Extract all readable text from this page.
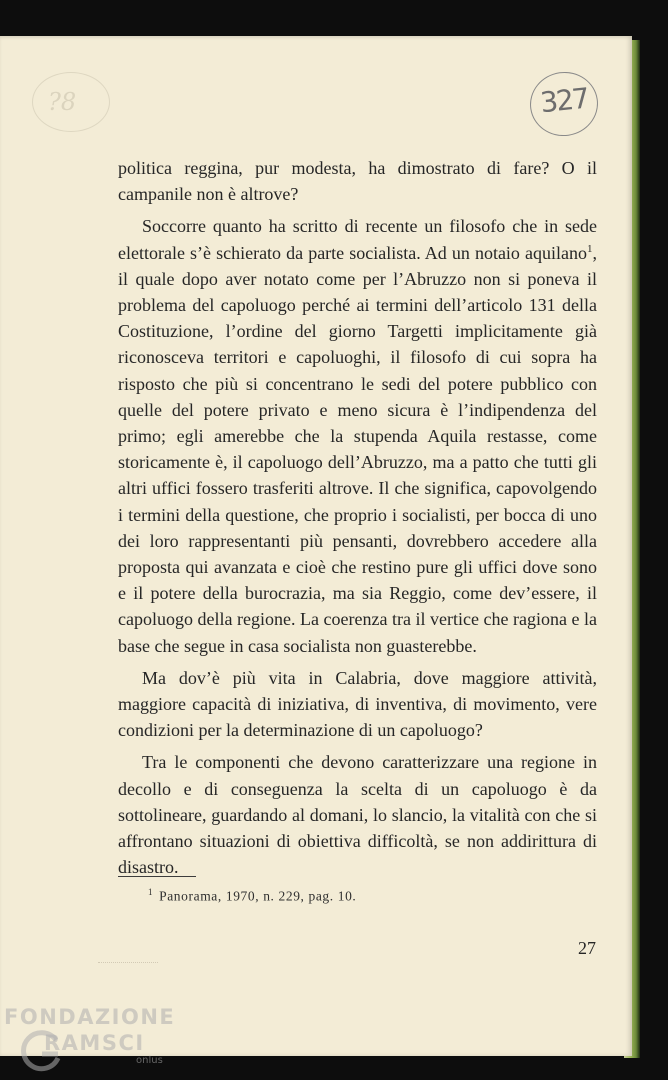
?8	327

politica reggina, pur modesta, ha dimostrato di fare? O il campanile non è altrove?

Soccorre quanto ha scritto di recente un filosofo che in sede elettorale s’è schierato da parte socialista. Ad un notaio aquilano$^1$, il quale dopo aver notato come per l’Abruzzo non si poneva il problema del capoluogo perché ai termini dell’articolo 131 della Costituzione, l’ordine del giorno Targetti implicitamente già riconosceva territori e capoluoghi, il filosofo di cui sopra ha risposto che più si concentrano le sedi del potere pubblico con quelle del potere privato e meno sicura è l’indipendenza del primo; egli amerebbe che la stupenda Aquila restasse, come storicamente è, il capoluogo dell’Abruzzo, ma a patto che tutti gli altri uffici fossero trasferiti altrove. Il che significa, capovolgendo i termini della questione, che proprio i socialisti, per bocca di uno dei loro rappresentanti più pensanti, dovrebbero accedere alla proposta qui avanzata e cioè che restino pure gli uffici dove sono e il potere della burocrazia, ma sia Reggio, come dev’essere, il capoluogo della regione. La coerenza tra il vertice che ragiona e la base che segue in casa socialista non guasterebbe.

Ma dov’è più vita in Calabria, dove maggiore attività, maggiore capacità di iniziativa, di inventiva, di movimento, vere condizioni per la determinazione di un capoluogo?

Tra le componenti che devono caratterizzare una regione in decollo e di conseguenza la scelta di un capoluogo è da sottolineare, guardando al domani, lo slancio, la vitalità con che si affrontano situazioni di obiettiva difficoltà, se non addirittura di disastro.

$^1$ Panorama, 1970, n. 229, pag. 10.
27
FONDAZIONE
RAMSCI
onlus
